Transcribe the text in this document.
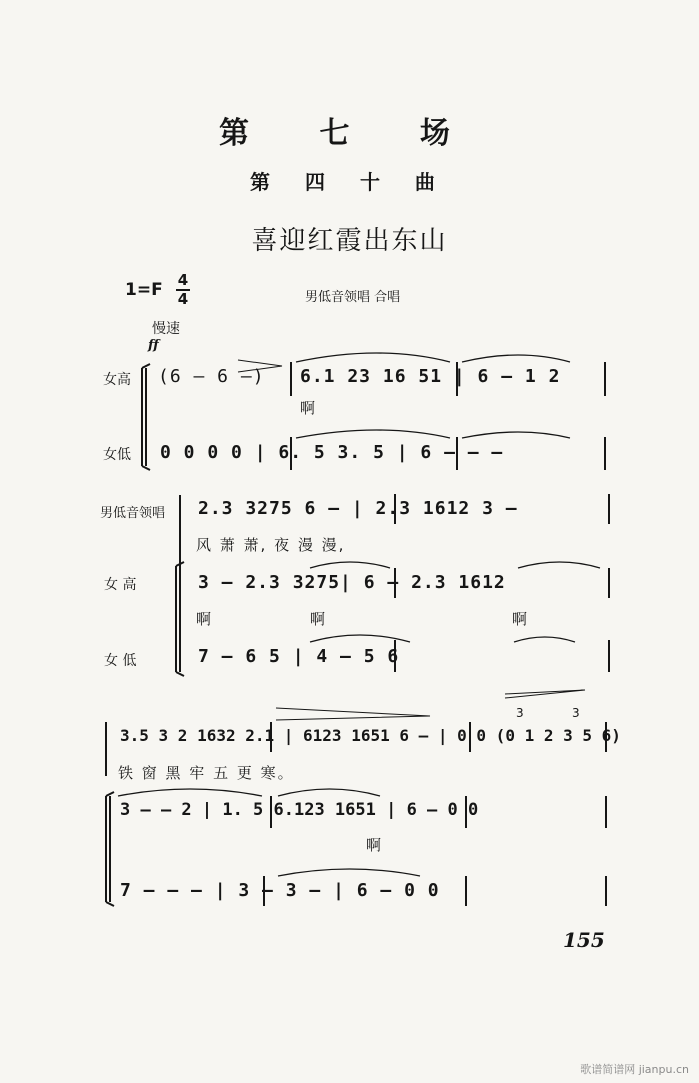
第 七 场
第 四 十 曲
喜迎红霞出东山
1=F 4
4	男低音领唱 合唱
慢速
ff
女高
女低
(6 — 6 —) 6.1 23 16 51 | 6 — 1 2
啊
0 0 0 0 | 6. 5 3. 5 | 6 — — —
男低音领唱
女 高
女 低
2.3 3275 6 — | 2.3 1612 3 —
风 萧 萧, 夜 漫 漫,
3 — 2.3 3275| 6 — 2.3 1612
啊	啊	啊
7 — 6 5 | 4 — 5 6
3.5 3 2 1632 2.1 | 6123 1651 6 — | 0 0 (0 1 2 3 5 6)
3	3
铁 窗 黑 牢 五 更 寒。
3 — — 2 | 1. 5 6.123 1651 | 6 — 0 0
啊
7 — — — | 3 — 3 — | 6 — 0 0
155
歌谱简谱网 jianpu.cn
